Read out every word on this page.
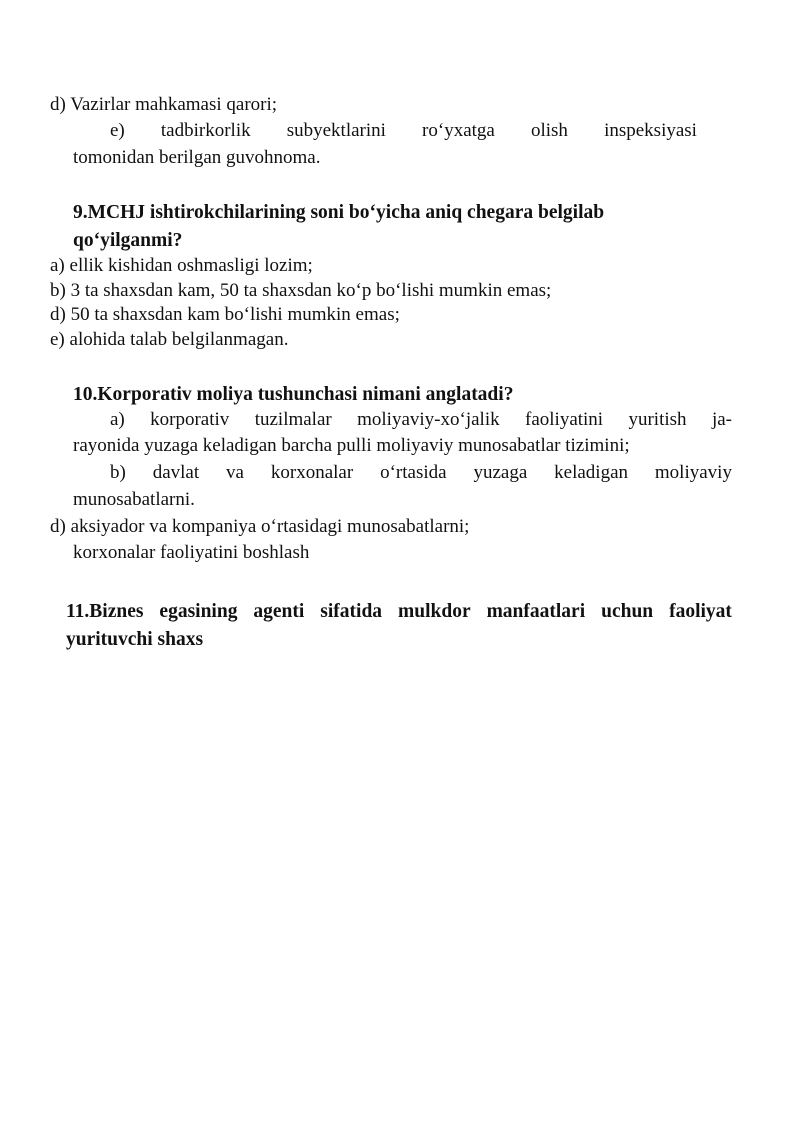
d) Vazirlar mahkamasi qarori;
e) tadbirkorlik subyektlarini ro‘yxatga olish inspeksiyasi
tomonidan berilgan guvohnoma.
9.MCHJ ishtirokchilarining soni bo‘yicha aniq chegara belgilab
qo‘yilganmi?
a) ellik kishidan oshmasligi lozim;
b) 3 ta shaxsdan kam, 50 ta shaxsdan ko‘p bo‘lishi mumkin emas;
d) 50 ta shaxsdan kam bo‘lishi mumkin emas;
e) alohida talab belgilanmagan.
10.Korporativ moliya tushunchasi nimani anglatadi?
a) korporativ tuzilmalar moliyaviy-xo‘jalik faoliyatini yuritish ja-
rayonida yuzaga keladigan barcha pulli moliyaviy munosabatlar tizimini;
b) davlat va korxonalar o‘rtasida yuzaga keladigan moliyaviy
munosabatlarni.
d) aksiyador va kompaniya o‘rtasidagi munosabatlarni;
korxonalar faoliyatini boshlash
11.Biznes egasining agenti sifatida mulkdor manfaatlari uchun faoliyat
yurituvchi shaxs
